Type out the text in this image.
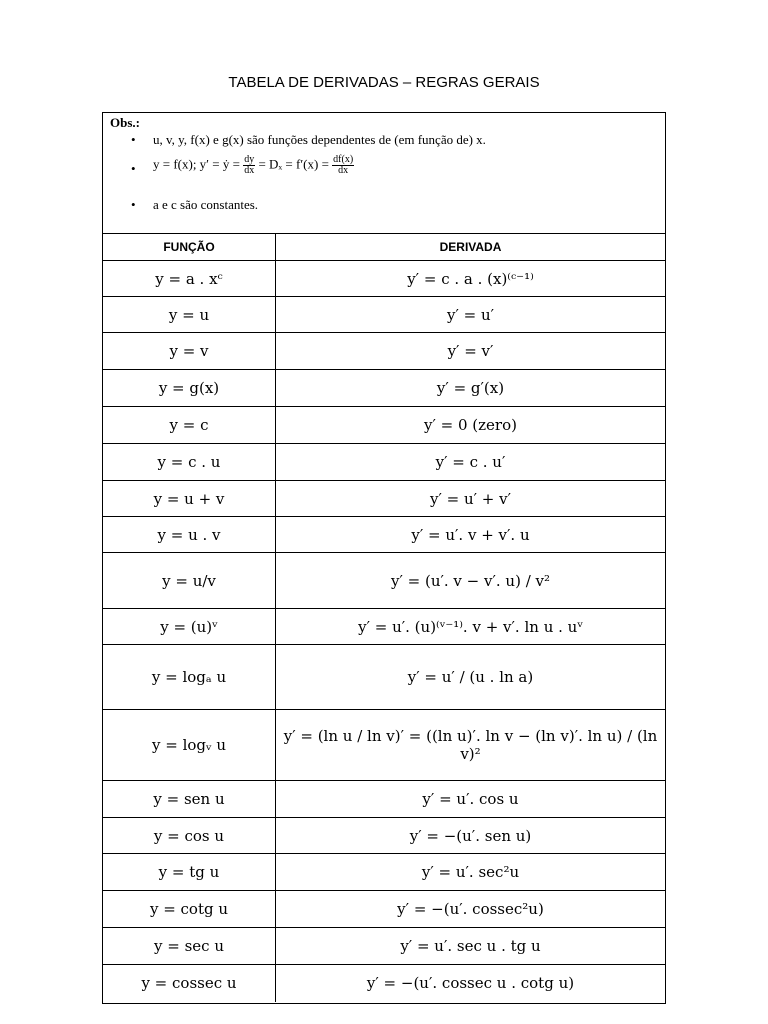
TABELA DE DERIVADAS – REGRAS GERAIS
Obs.:
• u, v, y, f(x) e g(x) são funções dependentes de (em função de) x.
• y = f(x); y′ = ẏ = $\frac{dy}{dx} = D_x = f'(x) = \frac{df(x)}{dx}$
• a e c são constantes.
FUNÇÃO	DERIVADA
y = a . xᶜ	y′ = c . a . (x)⁽ᶜ⁻¹⁾
y = u	y′ = u′
y = v	y′ = v′
y = g(x)	y′ = g′(x)
y = c	y′ = 0 (zero)
y = c . u	y′ = c . u′
y = u + v	y′ = u′ + v′
y = u . v	y′ = u′. v + v′. u
y = u/v	y′ = (u′. v − v′. u) / v²
y = (u)ᵛ	y′ = u′. (u)⁽ᵛ⁻¹⁾. v + v′. ln u . uᵛ
y = logₐ u	y′ = u′ / (u . ln a)
y = logᵥ u	y′ = (ln u / ln v)′ = ((ln u)′. ln v − (ln v)′. ln u) / (ln v)²
y = sen u	y′ = u′. cos u
y = cos u	y′ = −(u′. sen u)
y = tg u	y′ = u′. sec²u
y = cotg u	y′ = −(u′. cossec²u)
y = sec u	y′ = u′. sec u . tg u
y = cossec u	y′ = −(u′. cossec u . cotg u)
